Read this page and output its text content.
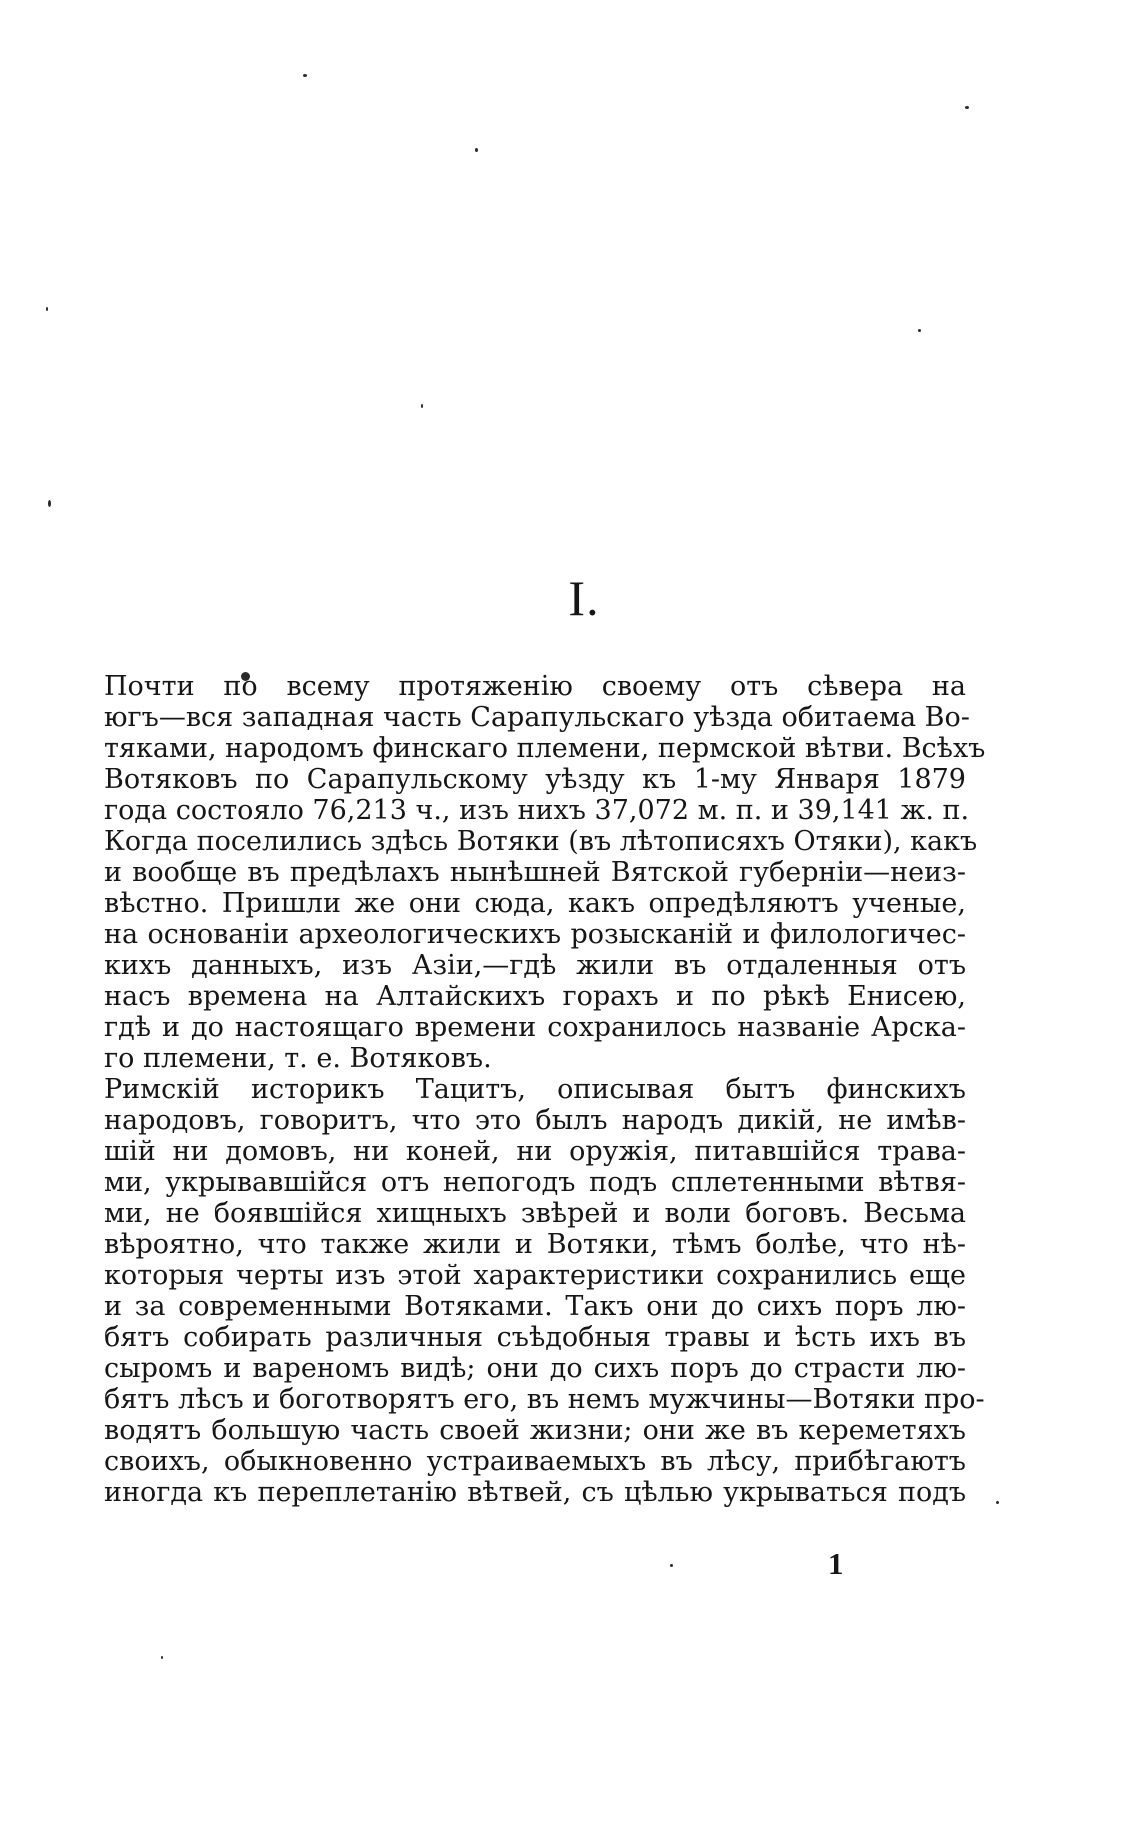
I.
Почти по всему протяженію своему отъ сѣвера на
югъ—вся западная часть Сарапульскаго уѣзда обитаема Во-
тяками, народомъ финскаго племени, пермской вѣтви. Всѣхъ
Вотяковъ по Сарапульскому уѣзду къ 1-му Января 1879
года состояло 76,213 ч., изъ нихъ 37,072 м. п. и 39,141 ж. п.
Когда поселились здѣсь Вотяки (въ лѣтописяхъ Отяки), какъ
и вообще въ предѣлахъ нынѣшней Вятской губерніи—неиз-
вѣстно. Пришли же они сюда, какъ опредѣляютъ ученые,
на основаніи археологическихъ розысканій и филологичес-
кихъ данныхъ, изъ Азіи,—гдѣ жили въ отдаленныя отъ
насъ времена на Алтайскихъ горахъ и по рѣкѣ Енисею,
гдѣ и до настоящаго времени сохранилось названіе Арска-
го племени, т. е. Вотяковъ.
Римскій историкъ Тацитъ, описывая бытъ финскихъ
народовъ, говоритъ, что это былъ народъ дикій, не имѣв-
шій ни домовъ, ни коней, ни оружія, питавшійся трава-
ми, укрывавшійся отъ непогодъ подъ сплетенными вѣтвя-
ми, не боявшійся хищныхъ звѣрей и воли боговъ. Весьма
вѣроятно, что также жили и Вотяки, тѣмъ болѣе, что нѣ-
которыя черты изъ этой характеристики сохранились еще
и за современными Вотяками. Такъ они до сихъ поръ лю-
бятъ собирать различныя съѣдобныя травы и ѣсть ихъ въ
сыромъ и вареномъ видѣ; они до сихъ поръ до страсти лю-
бятъ лѣсъ и боготворятъ его, въ немъ мужчины—Вотяки про-
водятъ большую часть своей жизни; они же въ кереметяхъ
своихъ, обыкновенно устраиваемыхъ въ лѣсу, прибѣгаютъ
иногда къ переплетанію вѣтвей, съ цѣлью укрываться подъ
1
